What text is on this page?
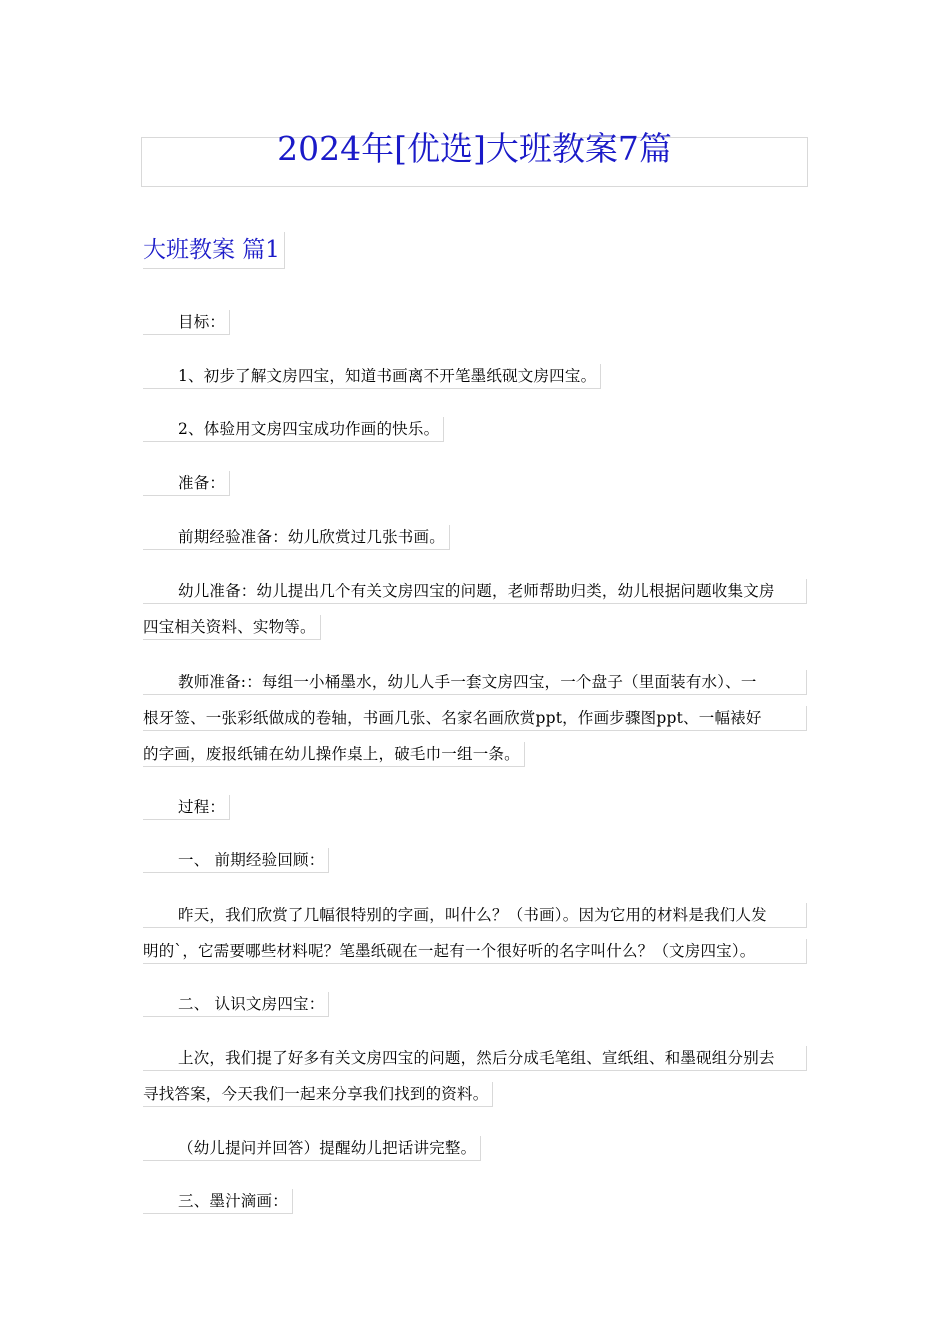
2024年[优选]大班教案7篇
大班教案 篇1
目标：
1、初步了解文房四宝，知道书画离不开笔墨纸砚文房四宝。
2、体验用文房四宝成功作画的快乐。
准备：
前期经验准备：幼儿欣赏过几张书画。
幼儿准备：幼儿提出几个有关文房四宝的问题，老师帮助归类，幼儿根据问题收集文房
四宝相关资料、实物等。
教师准备:：每组一小桶墨水，幼儿人手一套文房四宝，一个盘子（里面装有水）、一
根牙签、一张彩纸做成的卷轴，书画几张、名家名画欣赏ppt，作画步骤图ppt、一幅裱好
的字画，废报纸铺在幼儿操作桌上，破毛巾一组一条。
过程：
一、 前期经验回顾：
昨天，我们欣赏了几幅很特别的字画，叫什么？（书画）。因为它用的材料是我们人发
明的`，它需要哪些材料呢？笔墨纸砚在一起有一个很好听的名字叫什么？（文房四宝）。
二、 认识文房四宝：
上次，我们提了好多有关文房四宝的问题，然后分成毛笔组、宣纸组、和墨砚组分别去
寻找答案，今天我们一起来分享我们找到的资料。
（幼儿提问并回答）提醒幼儿把话讲完整。
三、墨汁滴画：
